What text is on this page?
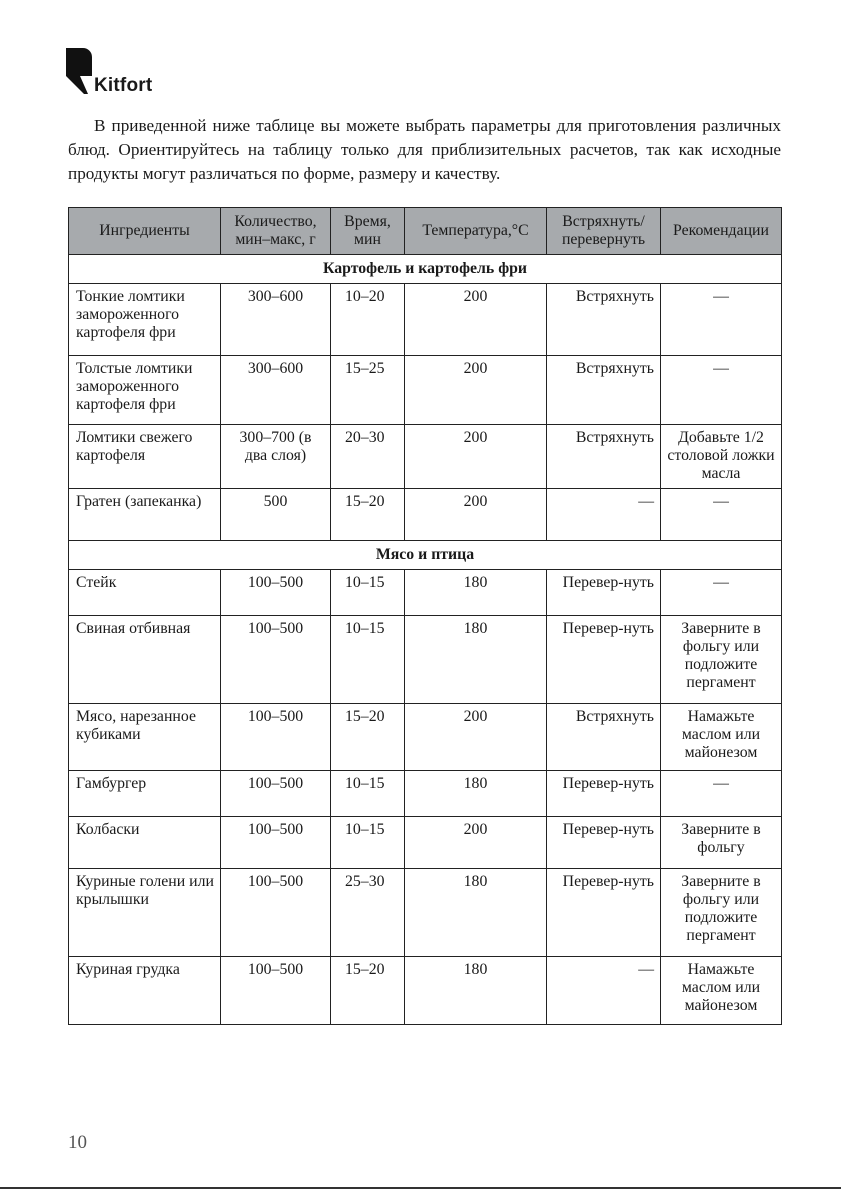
Kitfort

В приведенной ниже таблице вы можете выбрать параметры для приготовления различных блюд. Ориентируйтесь на таблицу только для приблизительных расчетов, так как исходные продукты могут различаться по форме, размеру и качеству.

Ингредиенты	Количество, мин–макс, г	Время, мин	Температура,°С	Встряхнуть/ перевернуть	Рекомендации
Картофель и картофель фри					
Тонкие ломтики замороженного картофеля фри	300–600	10–20	200	Встряхнуть	—
Толстые ломтики замороженного картофеля фри	300–600	15–25	200	Встряхнуть	—
Ломтики свежего картофеля	300–700 (в два слоя)	20–30	200	Встряхнуть	Добавьте 1/2 столовой ложки масла
Гратен (запеканка)	500	15–20	200	—	—
Мясо и птица					
Стейк	100–500	10–15	180	Перевер-нуть	—
Свиная отбивная	100–500	10–15	180	Перевер-нуть	Заверните в фольгу или подложите пергамент
Мясо, нарезанное кубиками	100–500	15–20	200	Встряхнуть	Намажьте маслом или майонезом
Гамбургер	100–500	10–15	180	Перевер-нуть	—
Колбаски	100–500	10–15	200	Перевер-нуть	Заверните в фольгу
Куриные голени или крылышки	100–500	25–30	180	Перевер-нуть	Заверните в фольгу или подложите пергамент
Куриная грудка	100–500	15–20	180	—	Намажьте маслом или майонезом
10
